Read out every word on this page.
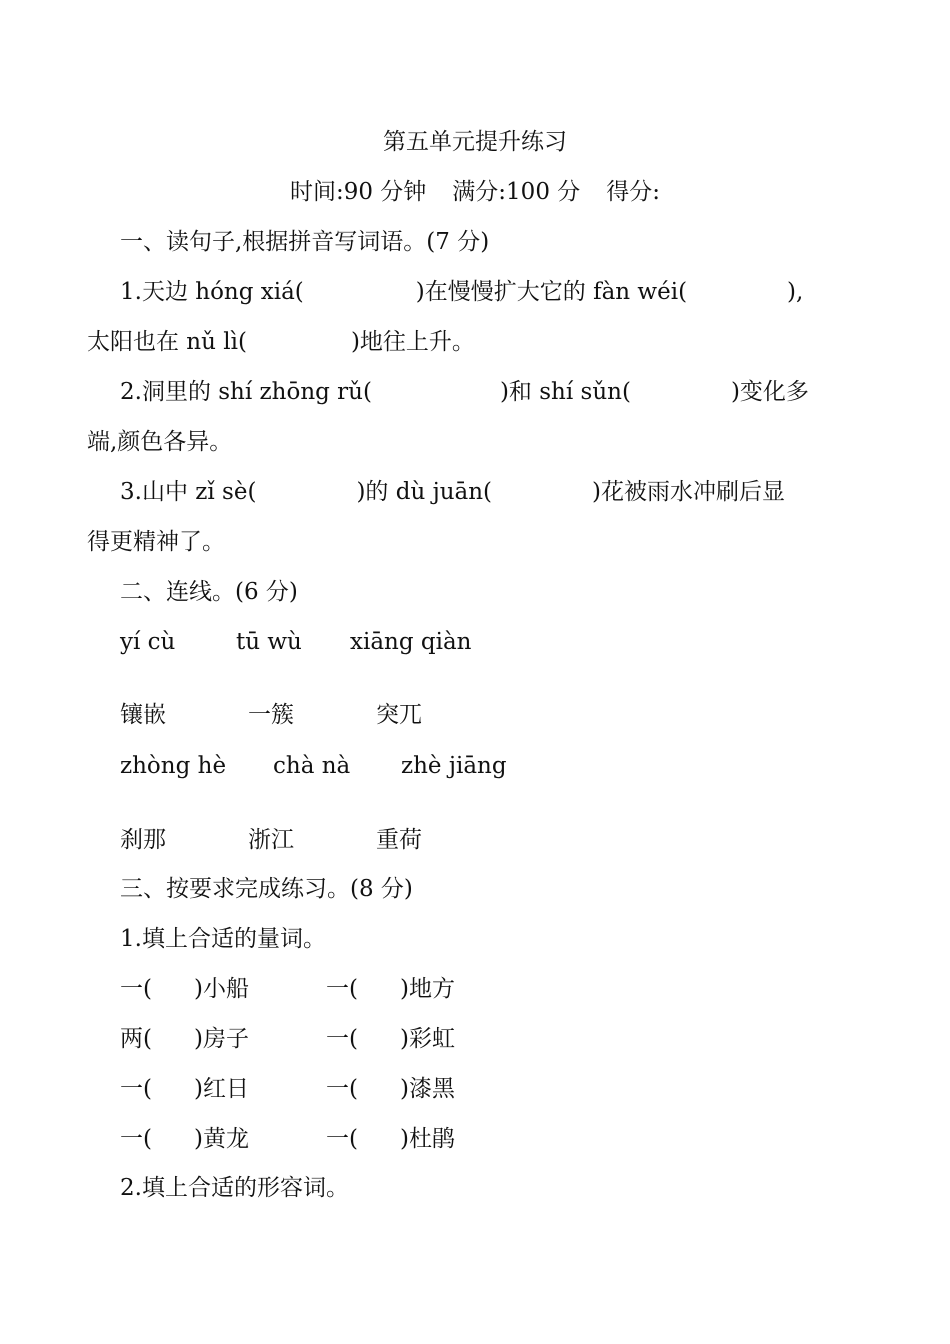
第五单元提升练习
时间:90 分钟 满分:100 分 得分:
一、读句子,根据拼音写词语。(7 分)
1.天边 hóng xiá(	)在慢慢扩大它的 fàn wéi(	),
太阳也在 nǔ lì(	)地往上升。
2.洞里的 shí zhōng rǔ(	)和 shí sǔn(	)变化多
端,颜色各异。
3.山中 zǐ sè(	)的 dù juān(	)花被雨水冲刷后显
得更精神了。
二、连线。(6 分)
yí cù	tū wù xiāng qiàn
镶嵌	一簇	突兀
zhòng hè chà nà zhè jiāng
刹那	浙江	重荷
三、按要求完成练习。(8 分)
1.填上合适的量词。
一( )小船	一( )地方
两( )房子	一( )彩虹
一( )红日	一( )漆黑
一( )黄龙	一( )杜鹃
2.填上合适的形容词。
